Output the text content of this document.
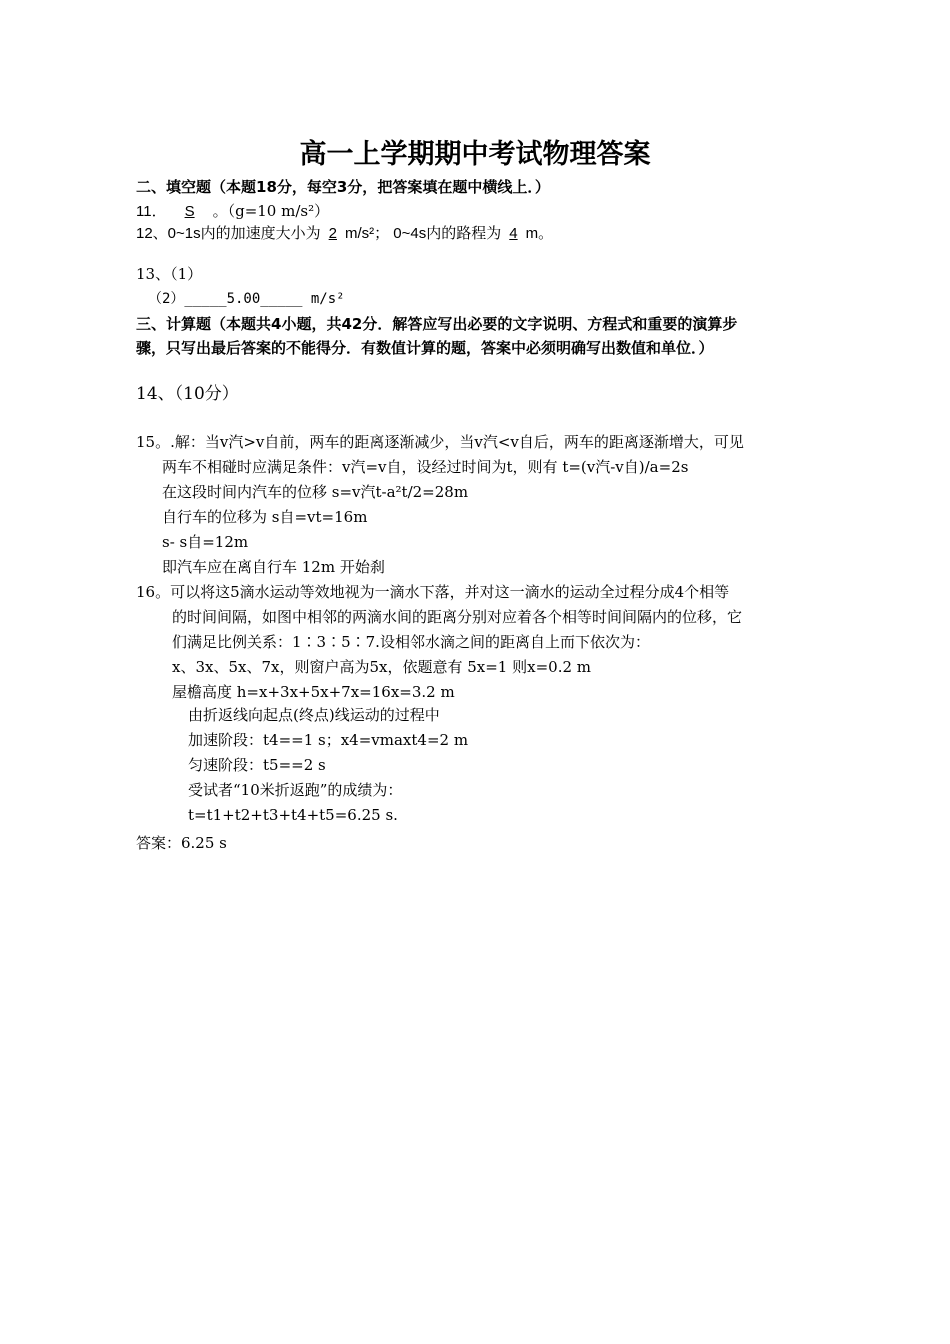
高一上学期期中考试物理答案
二、填空题（本题18分，每空3分，把答案填在题中横线上．）
11． S 。（g=10 m/s²）
12、0~1s内的加速度大小为 2 m/s²； 0~4s内的路程为 4 m。
13、（1）
（2）_____5.00_____ m/s²
三、计算题（本题共4小题，共42分．解答应写出必要的文字说明、方程式和重要的演算步
骤，只写出最后答案的不能得分．有数值计算的题，答案中必须明确写出数值和单位．）
14、（10分）
15。.解：当v汽>v自前，两车的距离逐渐减少，当v汽<v自后，两车的距离逐渐增大，可见
两车不相碰时应满足条件：v汽=v自，设经过时间为t，则有 t=(v汽-v自)/a=2s
在这段时间内汽车的位移 s=v汽t-a²t/2=28m
自行车的位移为 s自=vt=16m
s- s自=12m
即汽车应在离自行车 12m 开始刹
16。可以将这5滴水运动等效地视为一滴水下落，并对这一滴水的运动全过程分成4个相等
的时间间隔，如图中相邻的两滴水间的距离分别对应着各个相等时间间隔内的位移，它
们满足比例关系：1∶3∶5∶7.设相邻水滴之间的距离自上而下依次为：
x、3x、5x、7x，则窗户高为5x，依题意有 5x=1 则x=0.2 m
屋檐高度 h=x+3x+5x+7x=16x=3.2 m
由折返线向起点(终点)线运动的过程中
加速阶段：t4==1 s；x4=vmaxt4=2 m
匀速阶段：t5==2 s
受试者“10米折返跑”的成绩为：
t=t1+t2+t3+t4+t5=6.25 s.
答案：6.25 s
